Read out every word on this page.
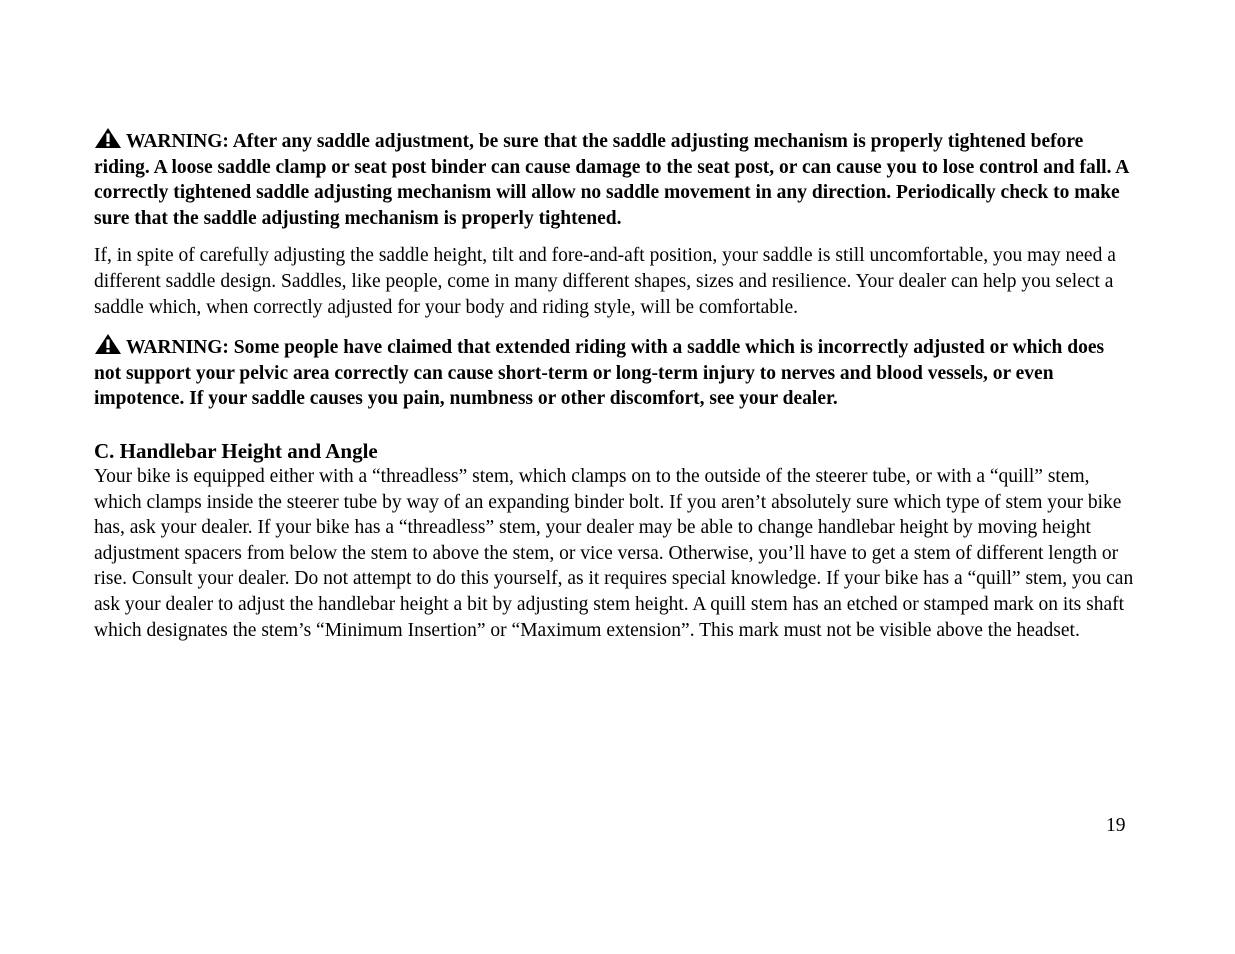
WARNING: After any saddle adjustment, be sure that the saddle adjusting mechanism is properly tightened before riding. A loose saddle clamp or seat post binder can cause damage to the seat post, or can cause you to lose control and fall. A correctly tightened saddle adjusting mechanism will allow no saddle movement in any direction. Periodically check to make sure that the saddle adjusting mechanism is properly tightened.

If, in spite of carefully adjusting the saddle height, tilt and fore-and-aft position, your saddle is still uncomfortable, you may need a different saddle design. Saddles, like people, come in many different shapes, sizes and resilience. Your dealer can help you select a saddle which, when correctly adjusted for your body and riding style, will be comfortable.

WARNING: Some people have claimed that extended riding with a saddle which is incorrectly adjusted or which does not support your pelvic area correctly can cause short-term or long-term injury to nerves and blood vessels, or even impotence. If your saddle causes you pain, numbness or other discomfort, see your dealer.

C. Handlebar Height and Angle

Your bike is equipped either with a “threadless” stem, which clamps on to the outside of the steerer tube, or with a “quill” stem, which clamps inside the steerer tube by way of an expanding binder bolt. If you aren’t absolutely sure which type of stem your bike has, ask your dealer. If your bike has a “threadless” stem, your dealer may be able to change handlebar height by moving height adjustment spacers from below the stem to above the stem, or vice versa. Otherwise, you’ll have to get a stem of different length or rise. Consult your dealer. Do not attempt to do this yourself, as it requires special knowledge. If your bike has a “quill” stem, you can ask your dealer to adjust the handlebar height a bit by adjusting stem height. A quill stem has an etched or stamped mark on its shaft which designates the stem’s “Minimum Insertion” or “Maximum extension”. This mark must not be visible above the headset.

19
